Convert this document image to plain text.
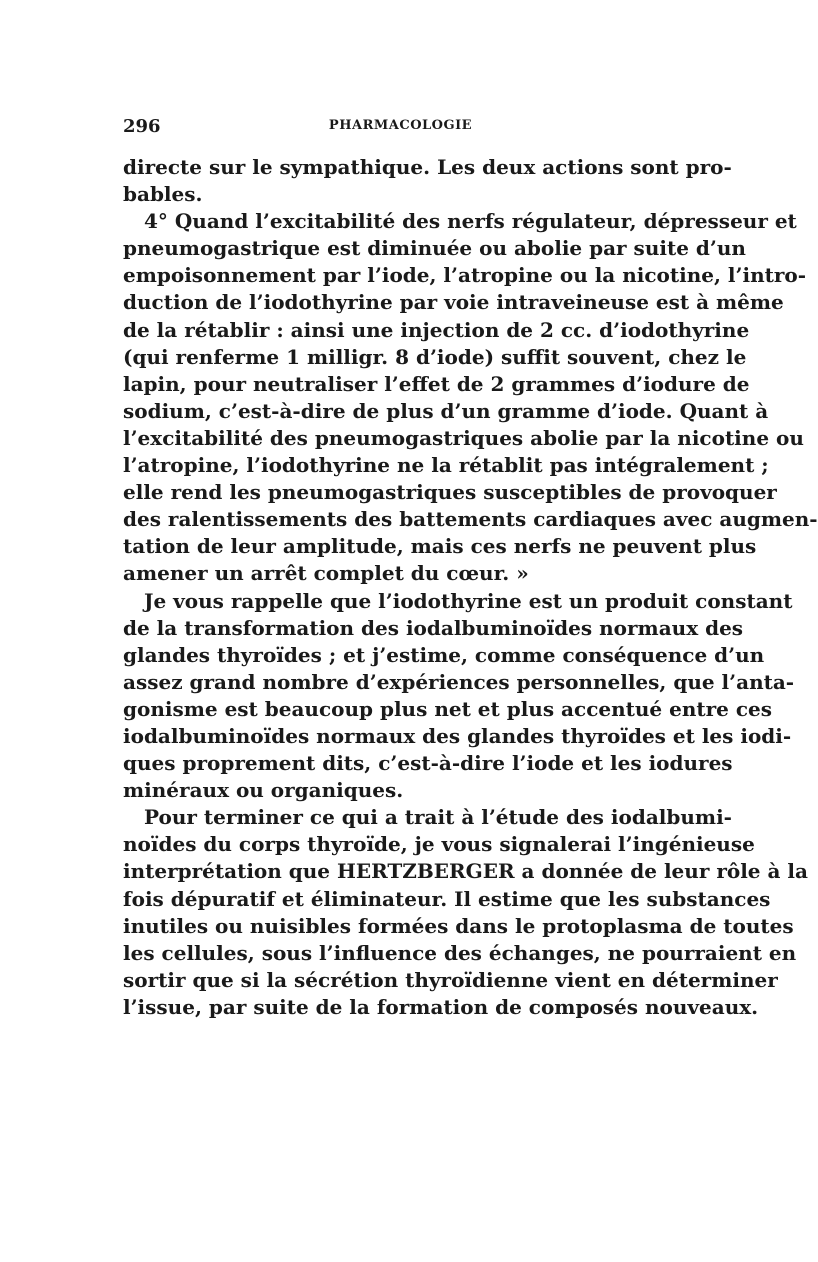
296	PHARMACOLOGIE
directe sur le sympathique. Les deux actions sont pro-
bables.
4° Quand l’excitabilité des nerfs régulateur, dépresseur et
pneumogastrique est diminuée ou abolie par suite d’un
empoisonnement par l’iode, l’atropine ou la nicotine, l’intro-
duction de l’iodothyrine par voie intraveineuse est à même
de la rétablir : ainsi une injection de 2 cc. d’iodothyrine
(qui renferme 1 milligr. 8 d’iode) suffit souvent, chez le
lapin, pour neutraliser l’effet de 2 grammes d’iodure de
sodium, c’est-à-dire de plus d’un gramme d’iode. Quant à
l’excitabilité des pneumogastriques abolie par la nicotine ou
l’atropine, l’iodothyrine ne la rétablit pas intégralement ;
elle rend les pneumogastriques susceptibles de provoquer
des ralentissements des battements cardiaques avec augmen-
tation de leur amplitude, mais ces nerfs ne peuvent plus
amener un arrêt complet du cœur. »
Je vous rappelle que l’iodothyrine est un produit constant
de la transformation des iodalbuminoïdes normaux des
glandes thyroïdes ; et j’estime, comme conséquence d’un
assez grand nombre d’expériences personnelles, que l’anta-
gonisme est beaucoup plus net et plus accentué entre ces
iodalbuminoïdes normaux des glandes thyroïdes et les iodi-
ques proprement dits, c’est-à-dire l’iode et les iodures
minéraux ou organiques.
Pour terminer ce qui a trait à l’étude des iodalbumi-
noïdes du corps thyroïde, je vous signalerai l’ingénieuse
interprétation que HERTZBERGER a donnée de leur rôle à la
fois dépuratif et éliminateur. Il estime que les substances
inutiles ou nuisibles formées dans le protoplasma de toutes
les cellules, sous l’influence des échanges, ne pourraient en
sortir que si la sécrétion thyroïdienne vient en déterminer
l’issue, par suite de la formation de composés nouveaux.
